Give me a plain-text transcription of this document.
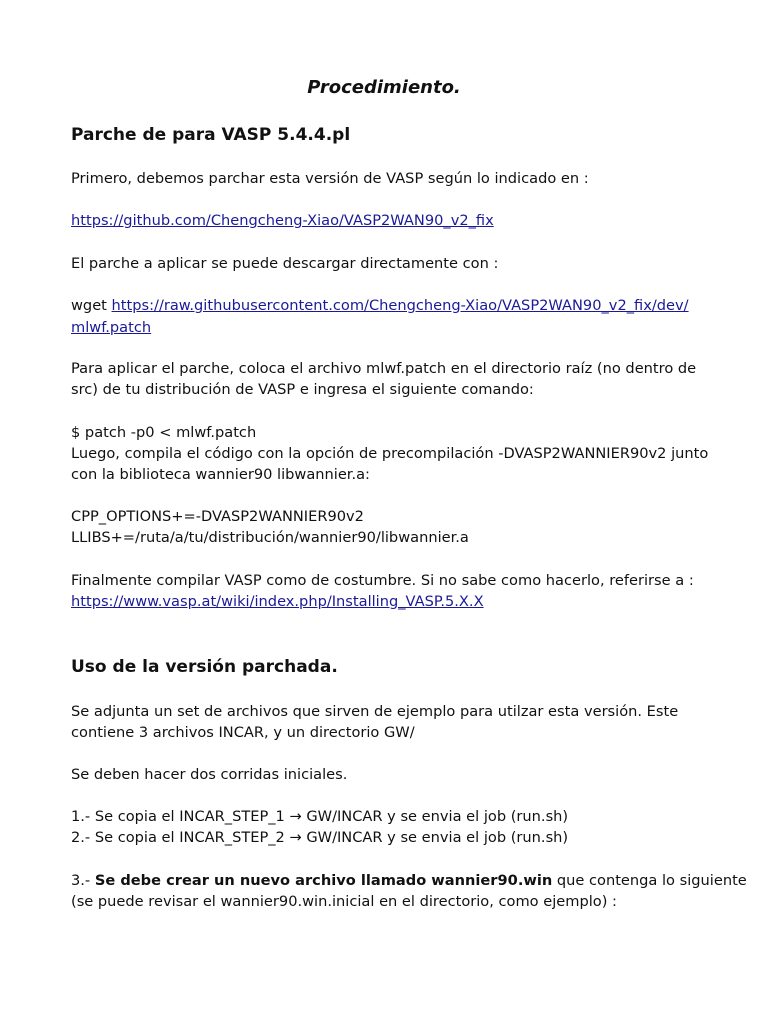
Procedimiento.
Parche de para VASP 5.4.4.pl
Primero, debemos parchar esta versión de VASP según lo indicado en :
https://github.com/Chengcheng-Xiao/VASP2WAN90_v2_fix
El parche a aplicar se puede descargar directamente con :
wget https://raw.githubusercontent.com/Chengcheng-Xiao/VASP2WAN90_v2_fix/dev/
mlwf.patch
Para aplicar el parche, coloca el archivo mlwf.patch en el directorio raíz (no dentro de
src) de tu distribución de VASP e ingresa el siguiente comando:
$ patch -p0 < mlwf.patch
Luego, compila el código con la opción de precompilación -DVASP2WANNIER90v2 junto
con la biblioteca wannier90 libwannier.a:
CPP_OPTIONS+=-DVASP2WANNIER90v2
LLIBS+=/ruta/a/tu/distribución/wannier90/libwannier.a
Finalmente compilar VASP como de costumbre. Si no sabe como hacerlo, referirse a :
https://www.vasp.at/wiki/index.php/Installing_VASP.5.X.X
Uso de la versión parchada.
Se adjunta un set de archivos que sirven de ejemplo para utilzar esta versión. Este
contiene 3 archivos INCAR, y un directorio GW/
Se deben hacer dos corridas iniciales.
1.- Se copia el INCAR_STEP_1 → GW/INCAR y se envia el job (run.sh)
2.- Se copia el INCAR_STEP_2 → GW/INCAR y se envia el job (run.sh)
3.- Se debe crear un nuevo archivo llamado wannier90.win que contenga lo siguiente
(se puede revisar el wannier90.win.inicial en el directorio, como ejemplo) :
